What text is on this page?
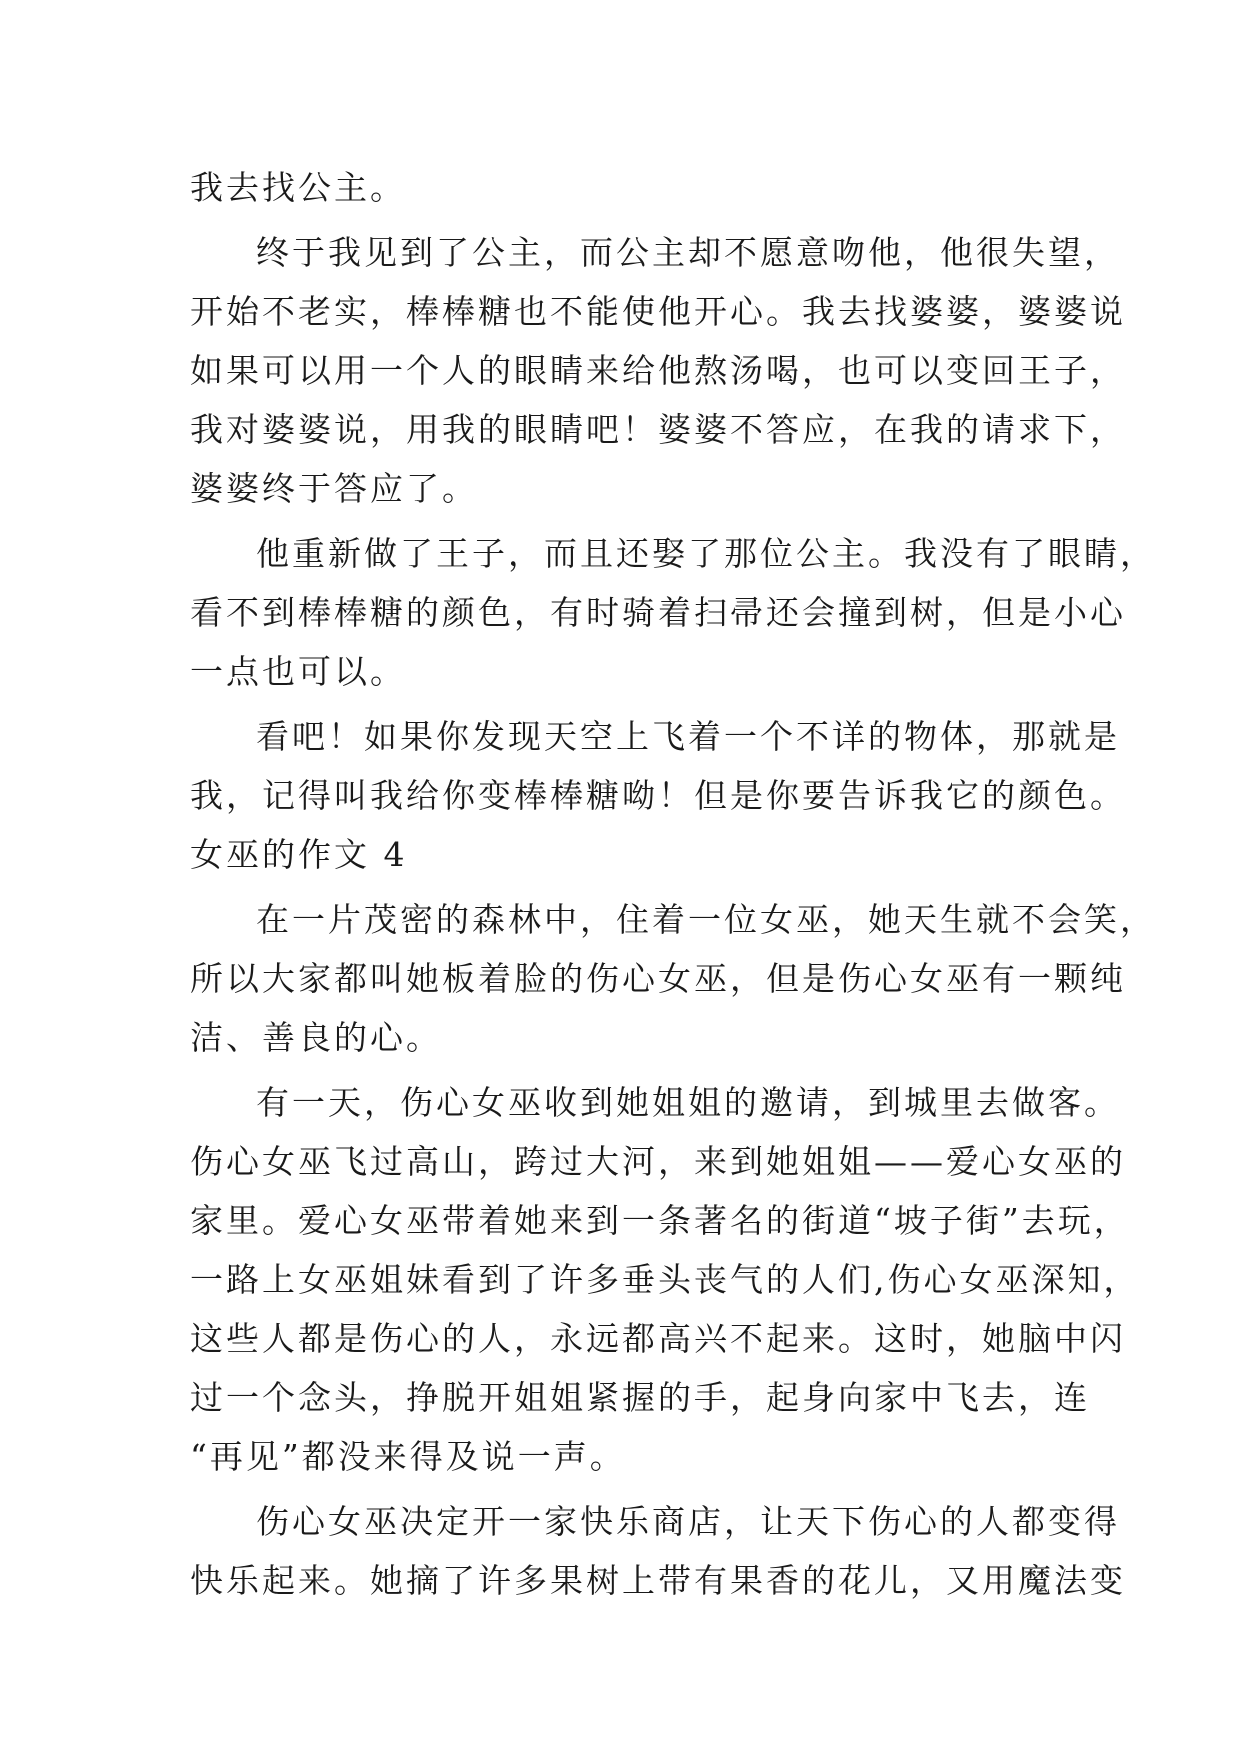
我去找公主。
终于我见到了公主，而公主却不愿意吻他，他很失望，
开始不老实，棒棒糖也不能使他开心。我去找婆婆，婆婆说
如果可以用一个人的眼睛来给他熬汤喝，也可以变回王子，
我对婆婆说，用我的眼睛吧！婆婆不答应，在我的请求下，
婆婆终于答应了。
他重新做了王子，而且还娶了那位公主。我没有了眼睛，
看不到棒棒糖的颜色，有时骑着扫帚还会撞到树，但是小心
一点也可以。
看吧！如果你发现天空上飞着一个不详的物体，那就是
我，记得叫我给你变棒棒糖呦！但是你要告诉我它的颜色。
女巫的作文 4
在一片茂密的森林中，住着一位女巫，她天生就不会笑，
所以大家都叫她板着脸的伤心女巫，但是伤心女巫有一颗纯
洁、善良的心。
有一天，伤心女巫收到她姐姐的邀请，到城里去做客。
伤心女巫飞过高山，跨过大河，来到她姐姐——爱心女巫的
家里。爱心女巫带着她来到一条著名的街道“坡子街”去玩，
一路上女巫姐妹看到了许多垂头丧气的人们,伤心女巫深知，
这些人都是伤心的人，永远都高兴不起来。这时，她脑中闪
过一个念头，挣脱开姐姐紧握的手，起身向家中飞去，连
“再见”都没来得及说一声。
伤心女巫决定开一家快乐商店，让天下伤心的人都变得
快乐起来。她摘了许多果树上带有果香的花儿，又用魔法变
